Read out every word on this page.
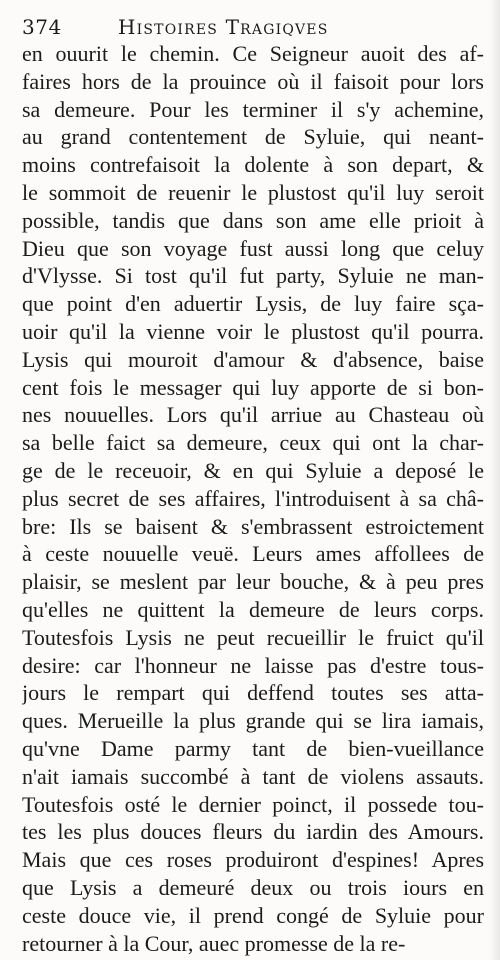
374	Histoires Tragiqves
en ouurit le chemin. Ce Seigneur auoit des af-
faires hors de la prouince où il faisoit pour lors
sa demeure. Pour les terminer il s'y achemine,
au grand contentement de Syluie, qui neant-
moins contrefaisoit la dolente à son depart, &
le sommoit de reuenir le plustost qu'il luy seroit
possible, tandis que dans son ame elle prioit à
Dieu que son voyage fust aussi long que celuy
d'Vlysse. Si tost qu'il fut party, Syluie ne man-
que point d'en aduertir Lysis, de luy faire sça-
uoir qu'il la vienne voir le plustost qu'il pourra.
Lysis qui mouroit d'amour & d'absence, baise
cent fois le messager qui luy apporte de si bon-
nes nouuelles. Lors qu'il arriue au Chasteau où
sa belle faict sa demeure, ceux qui ont la char-
ge de le receuoir, & en qui Syluie a deposé le
plus secret de ses affaires, l'introduisent à sa châ-
bre: Ils se baisent & s'embrassent estroictement
à ceste nouuelle veuë. Leurs ames affollees de
plaisir, se meslent par leur bouche, & à peu pres
qu'elles ne quittent la demeure de leurs corps.
Toutesfois Lysis ne peut recueillir le fruict qu'il
desire: car l'honneur ne laisse pas d'estre tous-
jours le rempart qui deffend toutes ses atta-
ques. Merueille la plus grande qui se lira iamais,
qu'vne Dame parmy tant de bien-vueillance
n'ait iamais succombé à tant de violens assauts.
Toutesfois osté le dernier poinct, il possede tou-
tes les plus douces fleurs du iardin des Amours.
Mais que ces roses produiront d'espines! Apres
que Lysis a demeuré deux ou trois iours en
ceste douce vie, il prend congé de Syluie pour
retourner à la Cour, auec promesse de la re-
